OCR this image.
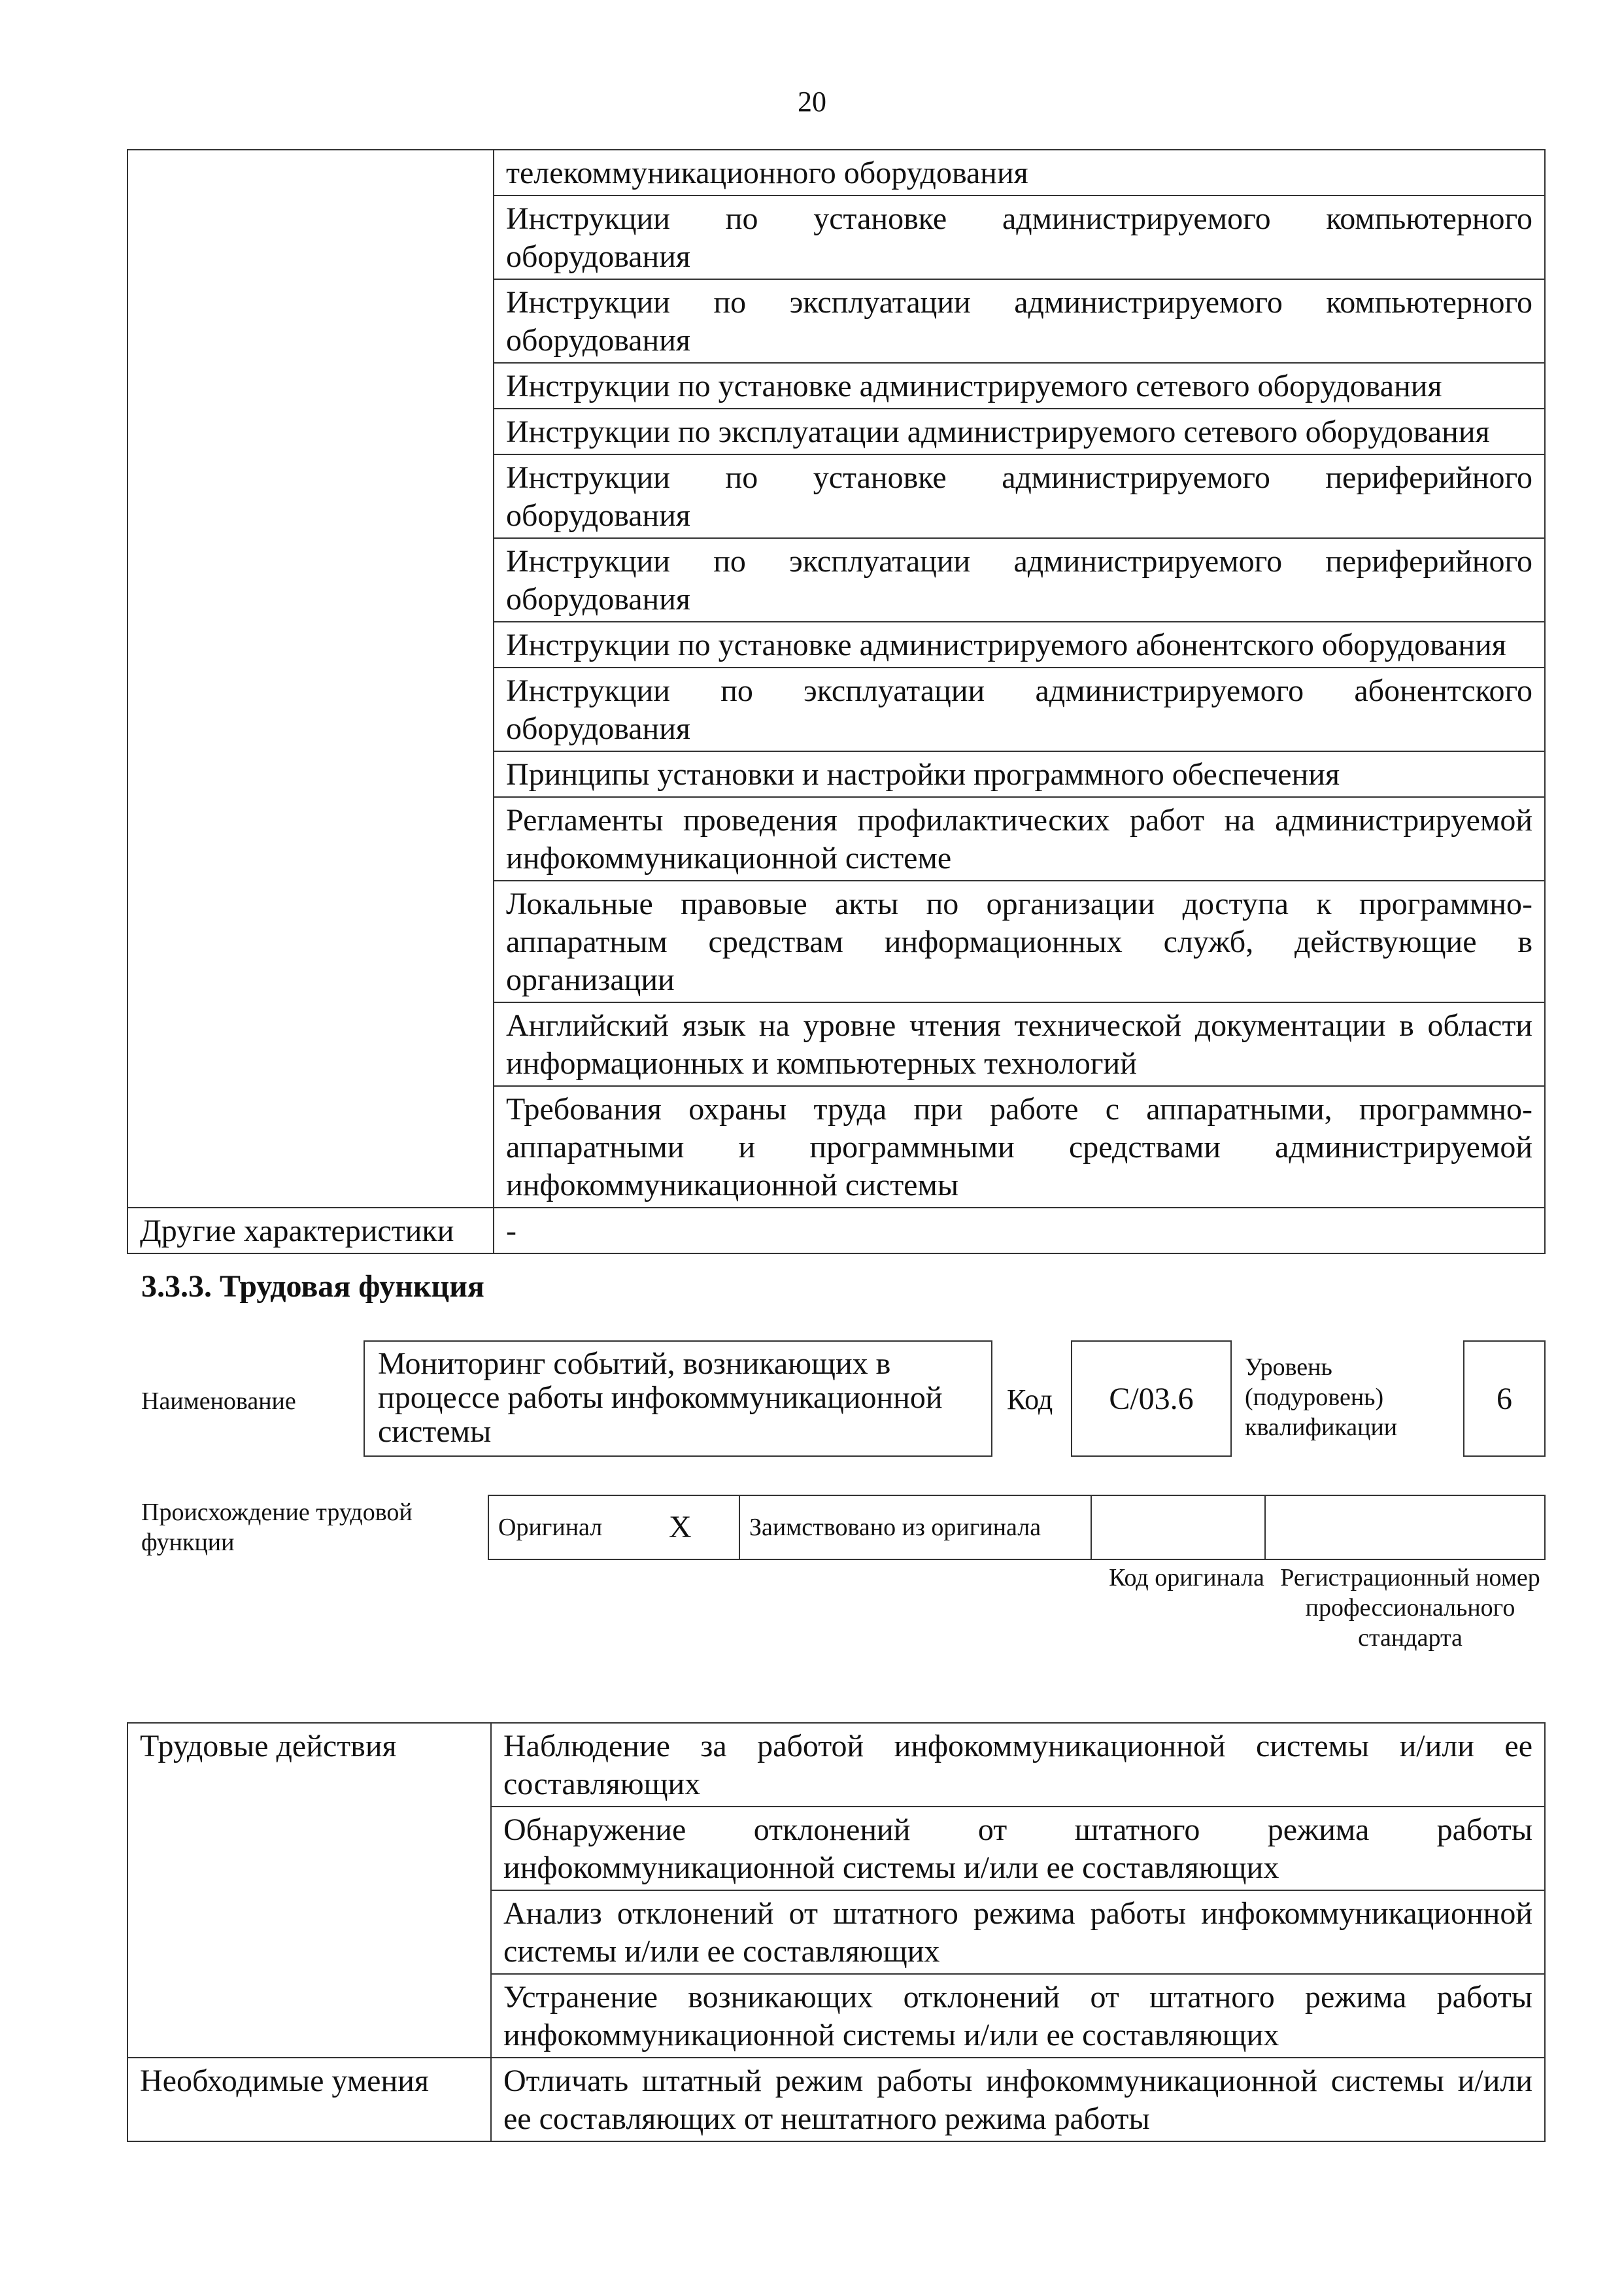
20

	телекоммуникационного оборудования

	Инструкции по установке администрируемого компьютерного оборудования

	Инструкции по эксплуатации администрируемого компьютерного оборудования

	Инструкции по установке администрируемого сетевого оборудования

	Инструкции по эксплуатации администрируемого сетевого оборудования

	Инструкции по установке администрируемого периферийного оборудования

	Инструкции по эксплуатации администрируемого периферийного оборудования

	Инструкции по установке администрируемого абонентского оборудования

	Инструкции по эксплуатации администрируемого абонентского оборудования

	Принципы установки и настройки программного обеспечения

	Регламенты проведения профилактических работ на администрируемой инфокоммуникационной системе

	Локальные правовые акты по организации доступа к программно-аппаратным средствам информационных служб, действующие в организации

	Английский язык на уровне чтения технической документации в области информационных и компьютерных технологий

	Требования охраны труда при работе с аппаратными, программно-аппаратными и программными средствами администрируемой инфокоммуникационной системы

Другие характеристики	-

3.3.3. Трудовая функция
Наименование
Мониторинг событий, возникающих в процессе работы инфокоммуникационной системы
Код	C/03.6
Уровень (подуровень) квалификации
6
Происхождение трудовой функции
Оригинал	X	Заимствовано из оригинала		
Код оригинала Регистрационный номер профессионального стандарта
Трудовые действия	Наблюдение за работой инфокоммуникационной системы и/или ее составляющих

	Обнаружение отклонений от штатного режима работы инфокоммуникационной системы и/или ее составляющих

	Анализ отклонений от штатного режима работы инфокоммуникационной системы и/или ее составляющих

	Устранение возникающих отклонений от штатного режима работы инфокоммуникационной системы и/или ее составляющих

Необходимые умения	Отличать штатный режим работы инфокоммуникационной системы и/или ее составляющих от нештатного режима работы
